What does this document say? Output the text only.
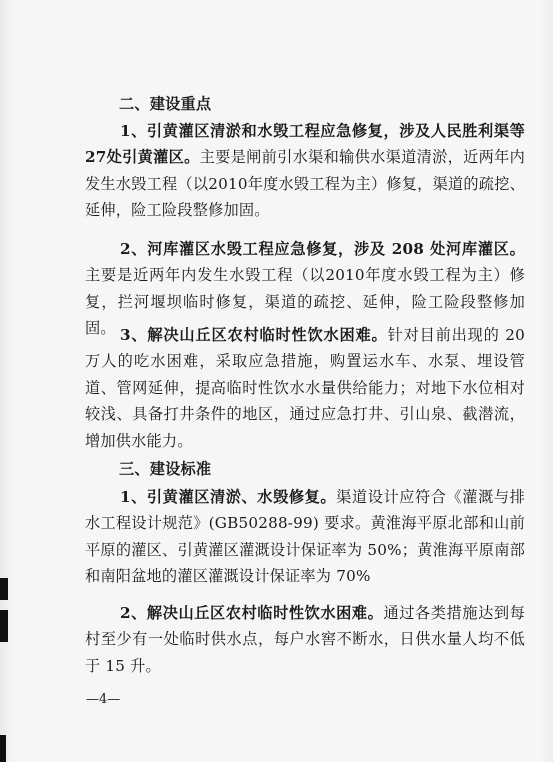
二、建设重点

1、引黄灌区清淤和水毁工程应急修复，涉及人民胜利渠等27处引黄灌区。主要是闸前引水渠和输供水渠道清淤，近两年内发生水毁工程（以2010年度水毁工程为主）修复，渠道的疏挖、延伸，险工险段整修加固。

2、河库灌区水毁工程应急修复，涉及 208 处河库灌区。主要是近两年内发生水毁工程（以2010年度水毁工程为主）修复，拦河堰坝临时修复，渠道的疏挖、延伸，险工险段整修加固。 3、解决山丘区农村临时性饮水困难。针对目前出现的 20 万人的吃水困难，采取应急措施，购置运水车、水泵、埋设管道、管网延伸，提高临时性饮水水量供给能力；对地下水位相对较浅、具备打井条件的地区，通过应急打井、引山泉、截潜流，增加供水能力。

三、建设标准

1、引黄灌区清淤、水毁修复。渠道设计应符合《灌溉与排水工程设计规范》(GB50288-99) 要求。黄淮海平原北部和山前平原的灌区、引黄灌区灌溉设计保证率为 50%；黄淮海平原南部和南阳盆地的灌区灌溉设计保证率为 70%

2、解决山丘区农村临时性饮水困难。通过各类措施达到每村至少有一处临时供水点，每户水窖不断水，日供水量人均不低于 15 升。

—4—
